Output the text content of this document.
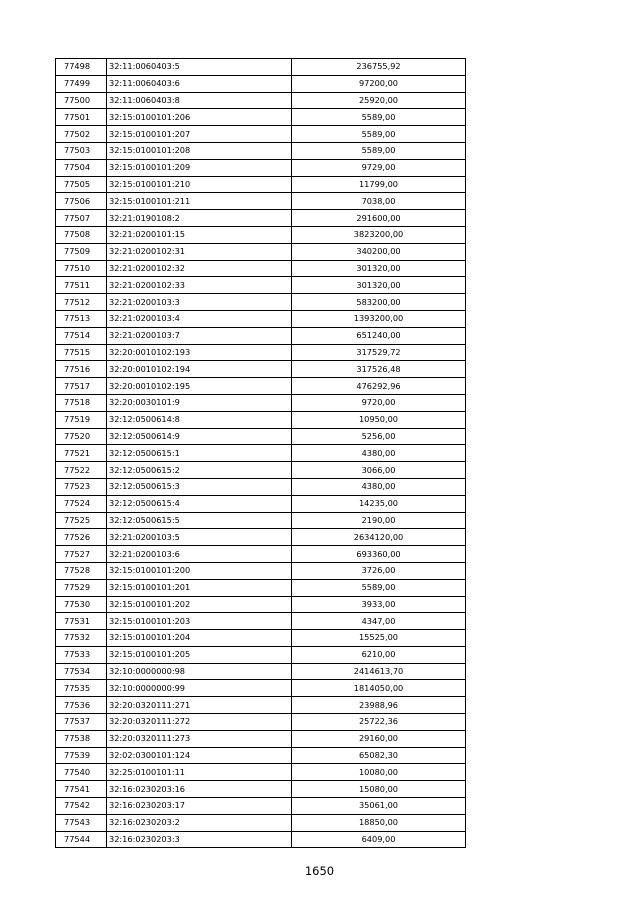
77498	32:11:0060403:5	236755,92
77499	32:11:0060403:6	97200,00
77500	32:11:0060403:8	25920,00
77501	32:15:0100101:206	5589,00
77502	32:15:0100101:207	5589,00
77503	32:15:0100101:208	5589,00
77504	32:15:0100101:209	9729,00
77505	32:15:0100101:210	11799,00
77506	32:15:0100101:211	7038,00
77507	32:21:0190108:2	291600,00
77508	32:21:0200101:15	3823200,00
77509	32:21:0200102:31	340200,00
77510	32:21:0200102:32	301320,00
77511	32:21:0200102:33	301320,00
77512	32:21:0200103:3	583200,00
77513	32:21:0200103:4	1393200,00
77514	32:21:0200103:7	651240,00
77515	32:20:0010102:193	317529,72
77516	32:20:0010102:194	317526,48
77517	32:20:0010102:195	476292,96
77518	32:20:0030101:9	9720,00
77519	32:12:0500614:8	10950,00
77520	32:12:0500614:9	5256,00
77521	32:12:0500615:1	4380,00
77522	32:12:0500615:2	3066,00
77523	32:12:0500615:3	4380,00
77524	32:12:0500615:4	14235,00
77525	32:12:0500615:5	2190,00
77526	32:21:0200103:5	2634120,00
77527	32:21:0200103:6	693360,00
77528	32:15:0100101:200	3726,00
77529	32:15:0100101:201	5589,00
77530	32:15:0100101:202	3933,00
77531	32:15:0100101:203	4347,00
77532	32:15:0100101:204	15525,00
77533	32:15:0100101:205	6210,00
77534	32:10:0000000:98	2414613,70
77535	32:10:0000000:99	1814050,00
77536	32:20:0320111:271	23988,96
77537	32:20:0320111:272	25722,36
77538	32:20:0320111:273	29160,00
77539	32:02:0300101:124	65082,30
77540	32:25:0100101:11	10080,00
77541	32:16:0230203:16	15080,00
77542	32:16:0230203:17	35061,00
77543	32:16:0230203:2	18850,00
77544	32:16:0230203:3	6409,00
1650
